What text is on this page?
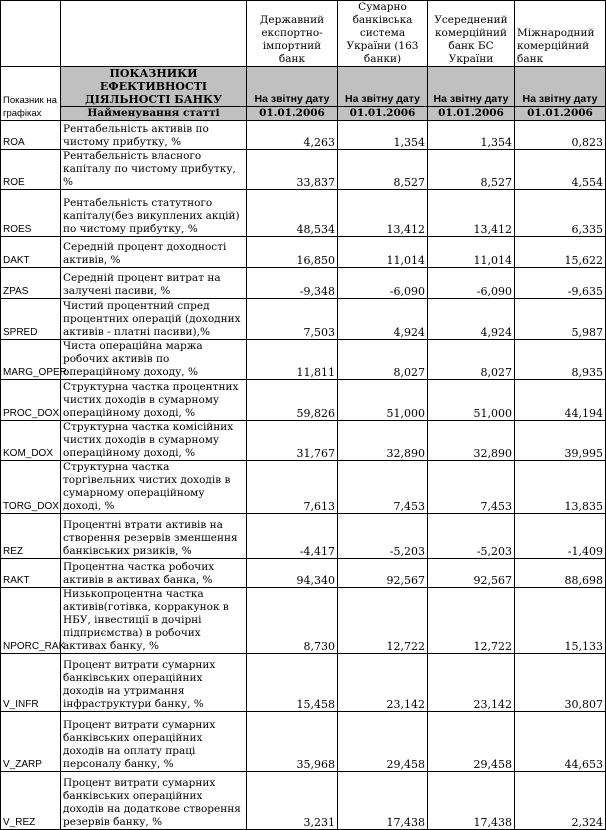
		Державний експортно-імпортний банк	Сумарно банківська система України (163 банки)	Усереднений комерційний банк БС України	Міжнародний комерційний банк
Показник на графіках	ПОКАЗНИКИ ЕФЕКТИВНОСТІ ДІЯЛЬНОСТІ БАНКУ	На звітну дату	На звітну дату	На звітну дату	На звітну дату
	Найменування статті	01.01.2006	01.01.2006	01.01.2006	01.01.2006
ROA	Рентабельність активів по чистому прибутку, %	4,263	1,354	1,354	0,823
ROE	Рентабельність власного капіталу по чистому прибутку, %	33,837	8,527	8,527	4,554
ROES	Рентабельність статутного капіталу(без викуплених акцій) по чистому прибутку, %	48,534	13,412	13,412	6,335
DAKT	Середній процент доходності активів, %	16,850	11,014	11,014	15,622
ZPAS	Середній процент витрат на залучені пасиви, %	-9,348	-6,090	-6,090	-9,635
SPRED	Чистий процентний спред процентних операцій (доходних активів - платні пасиви),%	7,503	4,924	4,924	5,987
MARG_OPER	Чиста операційна маржа робочих активів по операційному доходу, %	11,811	8,027	8,027	8,935
PROC_DOX	Структурна частка процентних чистих доходів в сумарному операційному доході, %	59,826	51,000	51,000	44,194
KOM_DOX	Структурна частка комісійних чистих доходів в сумарному операційному доході, %	31,767	32,890	32,890	39,995
TORG_DOX	Структурна частка торгівельних чистих доходів в сумарному операційному доході, %	7,613	7,453	7,453	13,835
REZ	Процентні втрати активів на створення резервів зменшення банківських ризиків, %	-4,417	-5,203	-5,203	-1,409
RAKT	Процентна частка робочих активів в активах банка, %	94,340	92,567	92,567	88,698
NPORC_RAK	Низькопроцентна частка активів(готівка, корракунок в НБУ, інвестиції в дочірні підприємства) в робочих активах банку, %	8,730	12,722	12,722	15,133
V_INFR	Процент витрати сумарних банківських операційних доходів на утримання інфраструктури банку, %	15,458	23,142	23,142	30,807
V_ZARP	Процент витрати сумарних банківських операційних доходів на оплату праці персоналу банку, %	35,968	29,458	29,458	44,653
V_REZ	Процент витрати сумарних банківських операційних доходів на додаткове створення резервів банку, %	3,231	17,438	17,438	2,324
